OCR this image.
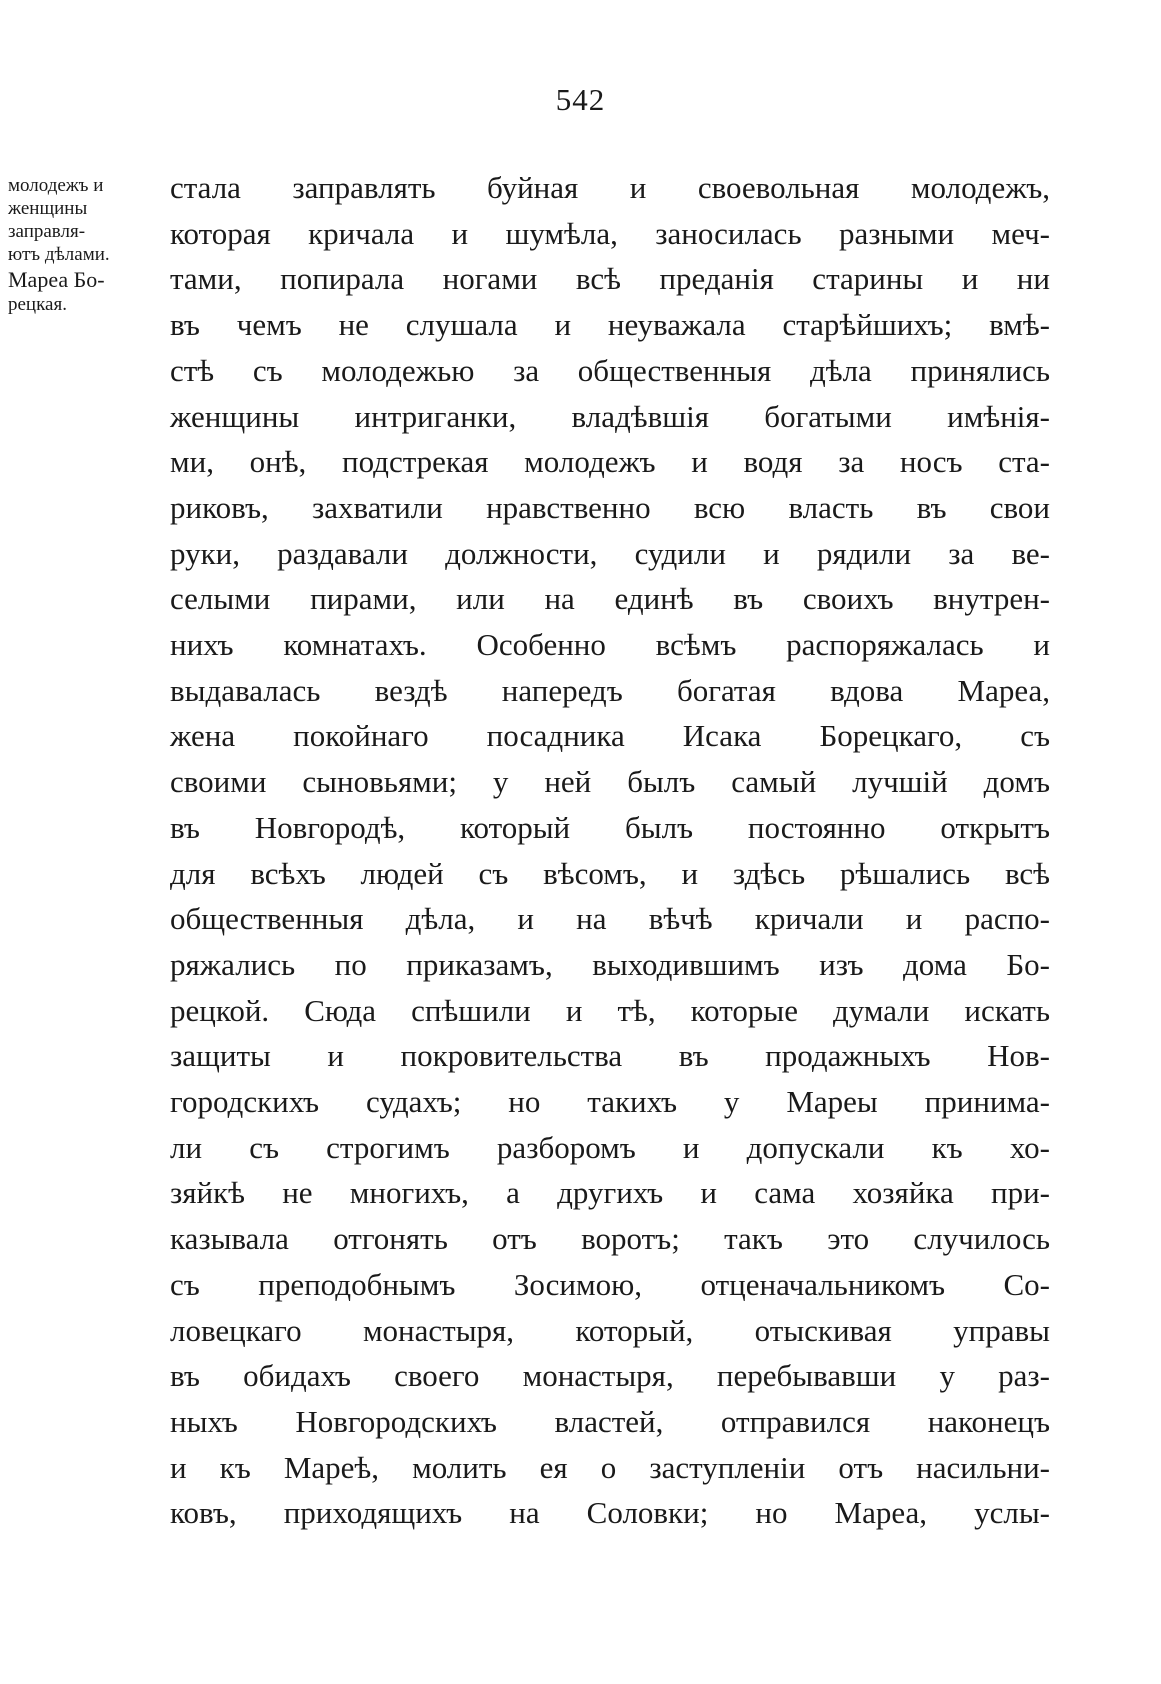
542
молодежъ и
женщины
заправля-
ютъ дѣлами.
Мареа Бо-
рецкая.
стала заправлять буйная и своевольная молодежъ,
которая кричала и шумѣла, заносилась разными меч-
тами, попирала ногами всѣ преданія старины и ни
въ чемъ не слушала и неуважала старѣйшихъ; вмѣ-
стѣ съ молодежью за общественныя дѣла принялись
женщины интриганки, владѣвшія богатыми имѣнія-
ми, онѣ, подстрекая молодежъ и водя за носъ ста-
риковъ, захватили нравственно всю власть въ свои
руки, раздавали должности, судили и рядили за ве-
селыми пирами, или на единѣ въ своихъ внутрен-
нихъ комнатахъ. Особенно всѣмъ распоряжалась и
выдавалась вездѣ напередъ богатая вдова Мареа,
жена покойнаго посадника Исака Борецкаго, съ
своими сыновьями; у ней былъ самый лучшій домъ
въ Новгородѣ, который былъ постоянно открытъ
для всѣхъ людей съ вѣсомъ, и здѣсь рѣшались всѣ
общественныя дѣла, и на вѣчѣ кричали и распо-
ряжались по приказамъ, выходившимъ изъ дома Бо-
рецкой. Сюда спѣшили и тѣ, которые думали искать
защиты и покровительства въ продажныхъ Нов-
городскихъ судахъ; но такихъ у Мареы принима-
ли съ строгимъ разборомъ и допускали къ хо-
зяйкѣ не многихъ, а другихъ и сама хозяйка при-
казывала отгонять отъ воротъ; такъ это случилось
съ преподобнымъ Зосимою, отценачальникомъ Со-
ловецкаго монастыря, который, отыскивая управы
въ обидахъ своего монастыря, перебывавши у раз-
ныхъ Новгородскихъ властей, отправился наконецъ
и къ Мареѣ, молить ея о заступленіи отъ насильни-
ковъ, приходящихъ на Соловки; но Мареа, услы-
